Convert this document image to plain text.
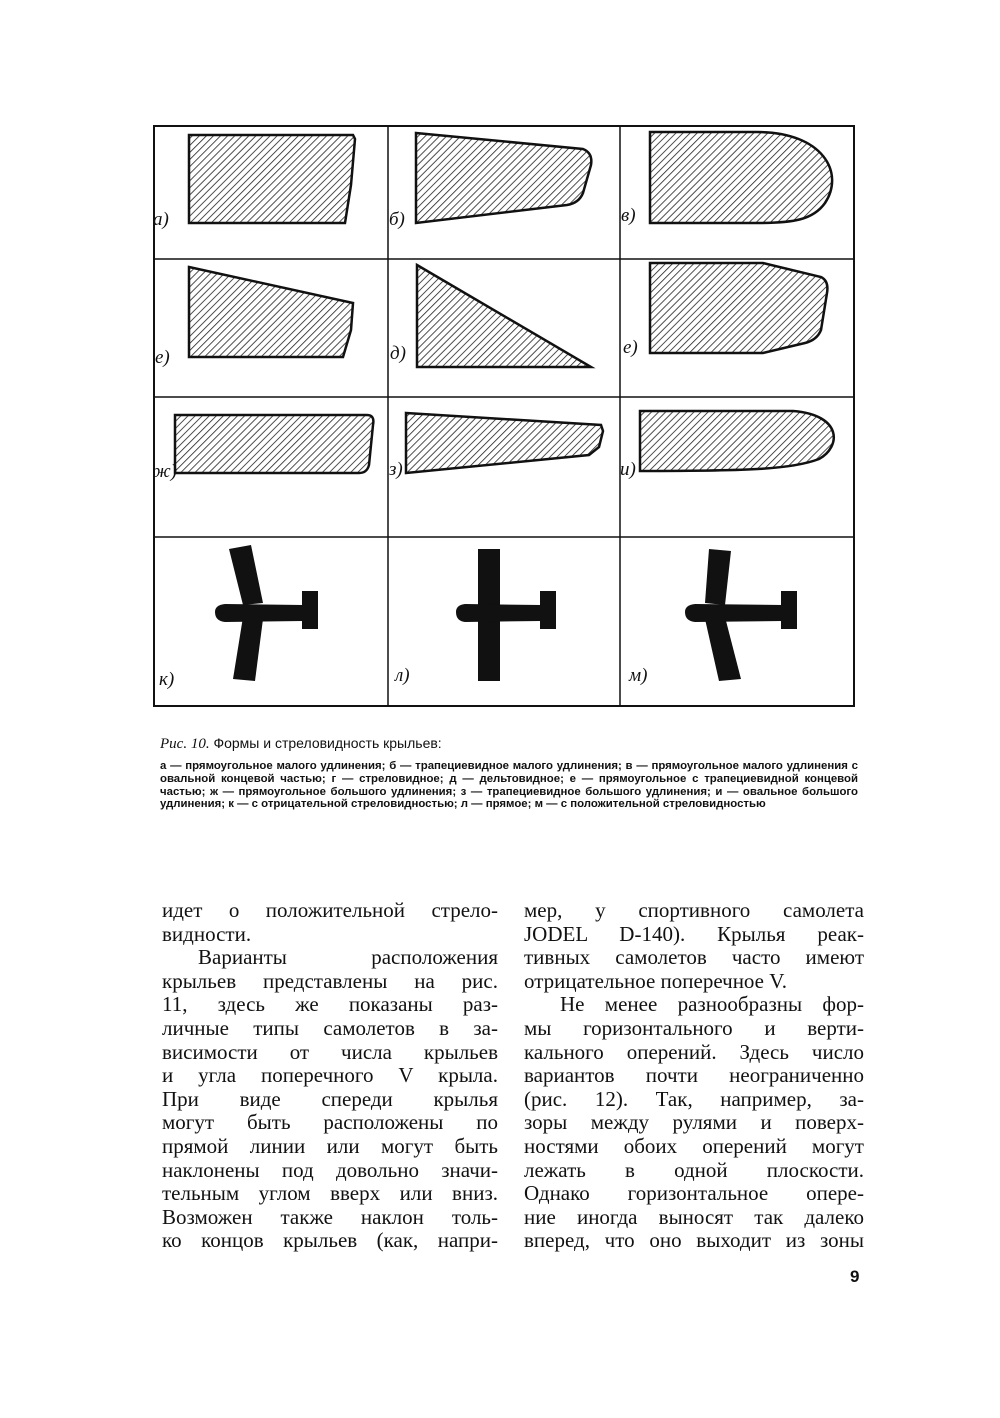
а)	б)	в)
е)	д)	е)
ж)	з)	и)
к)	л)	м)

Рис. 10. Формы и стреловидность крыльев:

а — прямоугольное малого удлинения; б — трапециевидное малого удлинения; в — прямоугольное малого удлинения с овальной концевой частью; г — стреловидное; д — дельтовидное; е — прямоугольное с трапециевидной концевой частью; ж — прямоугольное большого удлинения; з — трапециевидное большого удлинения; и — овальное большого удлинения; к — с отрицательной стреловидностью; л — прямое; м — с положительной стреловидностью

идет о положительной стрело-

видности.

Варианты расположения

крыльев представлены на рис.

11, здесь же показаны раз-

личные типы самолетов в за-

висимости от числа крыльев

и угла поперечного V крыла.

При виде спереди крылья

могут быть расположены по

прямой линии или могут быть

наклонены под довольно значи-

тельным углом вверх или вниз.

Возможен также наклон толь-

ко концов крыльев (как, напри-

мер, у спортивного самолета

JODEL D-140). Крылья реак-

тивных самолетов часто имеют

отрицательное поперечное V.

Не менее разнообразны фор-

мы горизонтального и верти-

кального оперений. Здесь число

вариантов почти неограниченно

(рис. 12). Так, например, за-

зоры между рулями и поверх-

ностями обоих оперений могут

лежать в одной плоскости.

Однако горизонтальное опере-

ние иногда выносят так далеко

вперед, что оно выходит из зоны

9
